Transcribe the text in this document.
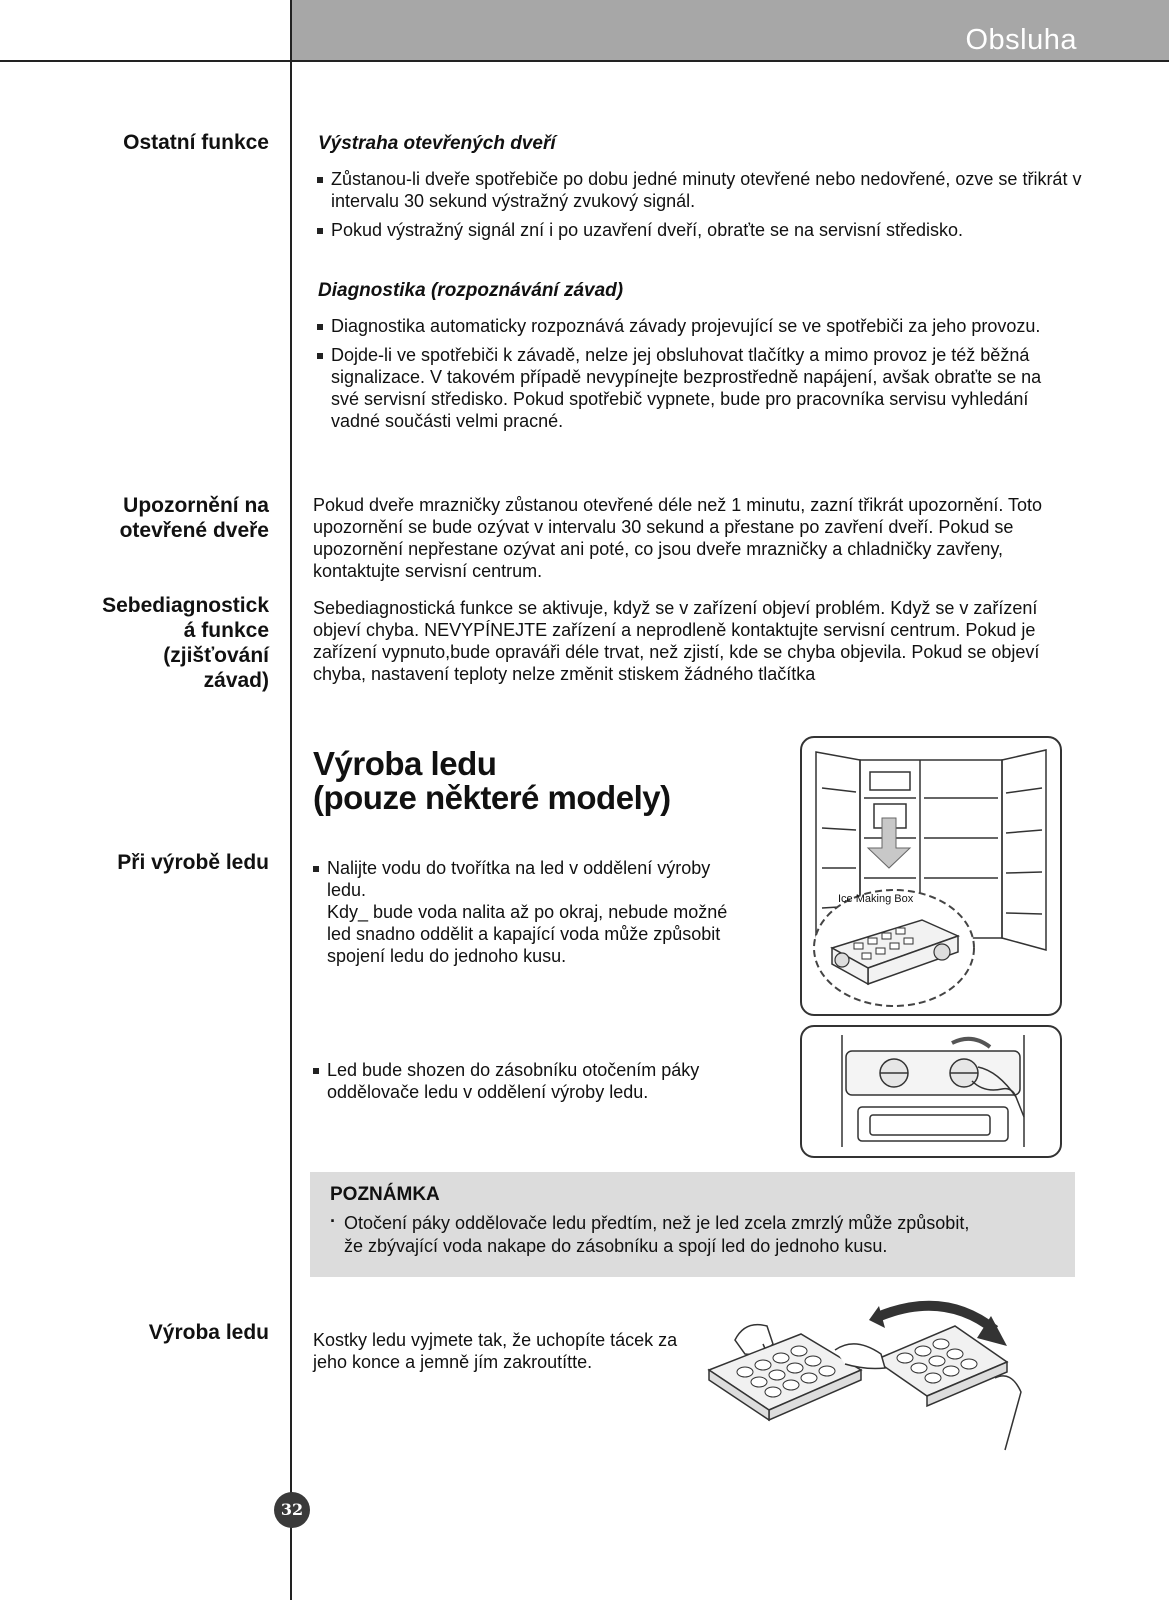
Obsluha
Ostatní funkce
Upozornění na
otevřené dveře
Sebediagnostick
á funkce
(zjišťování
závad)
Při výrobě ledu
Výroba ledu
Výstraha otevřených dveří
Zůstanou-li dveře spotřebiče po dobu jedné minuty otevřené nebo nedovřené, ozve se třikrát v intervalu 30 sekund výstražný zvukový signál.
Pokud výstražný signál zní i po uzavření dveří, obraťte se na servisní středisko.
Diagnostika (rozpoznávání závad)
Diagnostika automaticky rozpoznává závady projevující se ve spotřebiči za jeho provozu.
Dojde-li ve spotřebiči k závadě, nelze jej obsluhovat tlačítky a mimo provoz je též běžná signalizace. V takovém případě nevypínejte bezprostředně napájení, avšak obraťte se na své servisní středisko. Pokud spotřebič vypnete, bude pro pracovníka servisu vyhledání vadné součásti velmi pracné.
Pokud dveře mrazničky zůstanou otevřené déle než 1 minutu, zazní třikrát upozornění. Toto upozornění se bude ozývat v intervalu 30 sekund a přestane po zavření dveří. Pokud se upozornění nepřestane ozývat ani poté, co jsou dveře mrazničky a chladničky zavřeny, kontaktujte servisní centrum.
Sebediagnostická funkce se aktivuje, když se v zařízení objeví problém. Když se v zařízení objeví chyba. NEVYPÍNEJTE zařízení a neprodleně kontaktujte servisní centrum. Pokud je zařízení vypnuto,bude opraváři déle trvat, než zjistí, kde se chyba objevila. Pokud se objeví chyba, nastavení teploty nelze změnit stiskem žádného tlačítka
Výroba ledu
(pouze některé modely)
Nalijte vodu do tvořítka na led v oddělení výroby
ledu.
Kdy_ bude voda nalita až po okraj, nebude možné
led snadno oddělit a kapající voda může způsobit
spojení ledu do jednoho kusu.
Led bude shozen do zásobníku otočením páky
oddělovače ledu v oddělení výroby ledu.
Ice Making Box
POZNÁMKA
· Otočení páky oddělovače ledu předtím, než je led zcela zmrzlý může způsobit,
že zbývající voda nakape do zásobníku a spojí led do jednoho kusu.
Kostky ledu vyjmete tak, že uchopíte tácek za
jeho konce a jemně jím zakroutítte.
32
